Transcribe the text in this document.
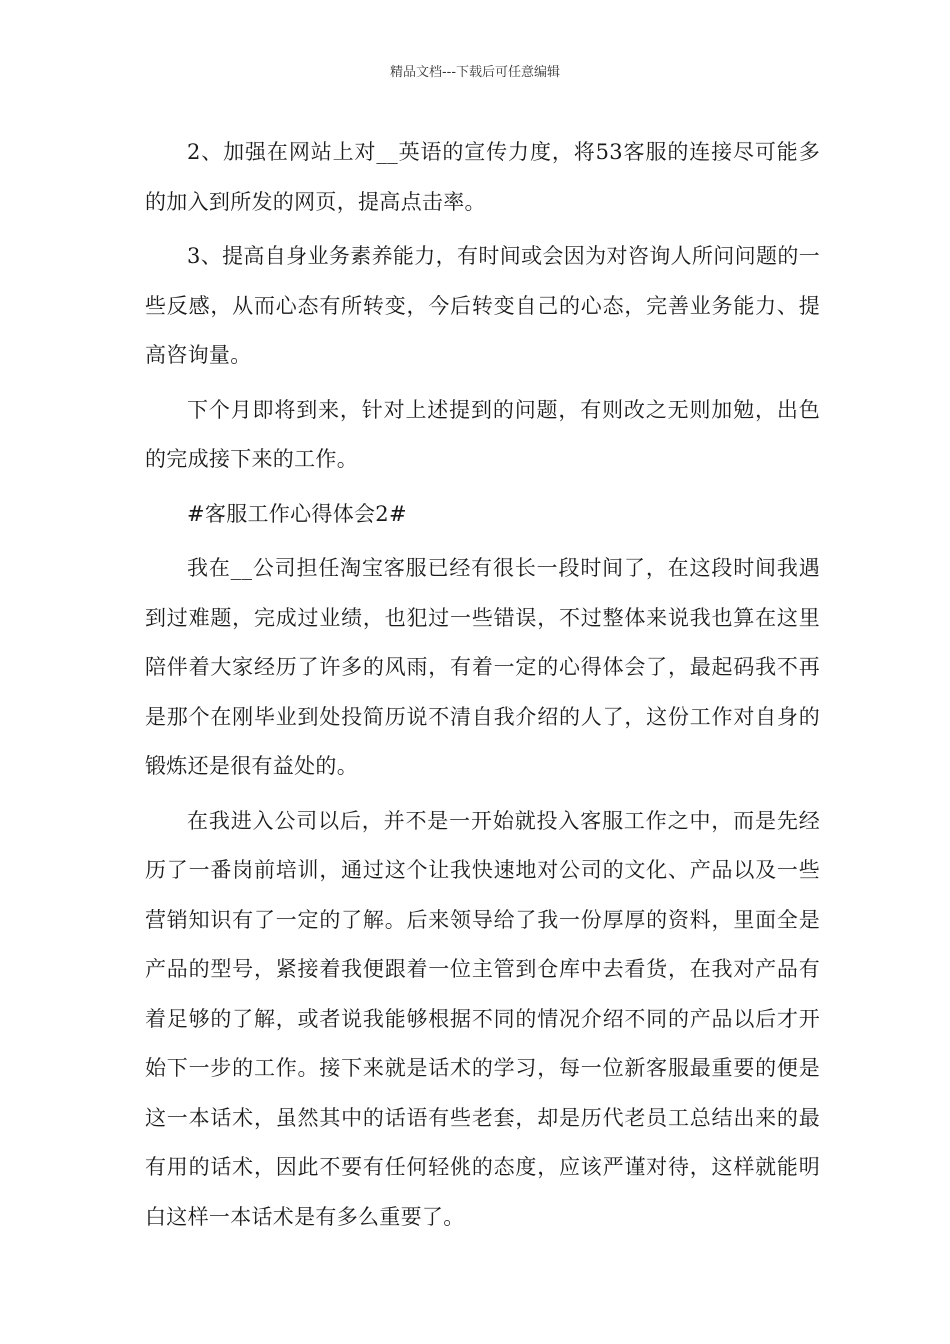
精品文档---下载后可任意编辑

2、加强在网站上对__英语的宣传力度，将53客服的连接尽可能多的加入到所发的网页，提高点击率。

3、提高自身业务素养能力，有时间或会因为对咨询人所问问题的一些反感，从而心态有所转变，今后转变自己的心态，完善业务能力、提高咨询量。

下个月即将到来，针对上述提到的问题，有则改之无则加勉，出色的完成接下来的工作。

#客服工作心得体会2#

我在__公司担任淘宝客服已经有很长一段时间了，在这段时间我遇到过难题，完成过业绩，也犯过一些错误，不过整体来说我也算在这里陪伴着大家经历了许多的风雨，有着一定的心得体会了，最起码我不再是那个在刚毕业到处投简历说不清自我介绍的人了，这份工作对自身的锻炼还是很有益处的。

在我进入公司以后，并不是一开始就投入客服工作之中，而是先经历了一番岗前培训，通过这个让我快速地对公司的文化、产品以及一些营销知识有了一定的了解。后来领导给了我一份厚厚的资料，里面全是产品的型号，紧接着我便跟着一位主管到仓库中去看货，在我对产品有着足够的了解，或者说我能够根据不同的情况介绍不同的产品以后才开始下一步的工作。接下来就是话术的学习，每一位新客服最重要的便是这一本话术，虽然其中的话语有些老套，却是历代老员工总结出来的最有用的话术，因此不要有任何轻佻的态度，应该严谨对待，这样就能明白这样一本话术是有多么重要了。
